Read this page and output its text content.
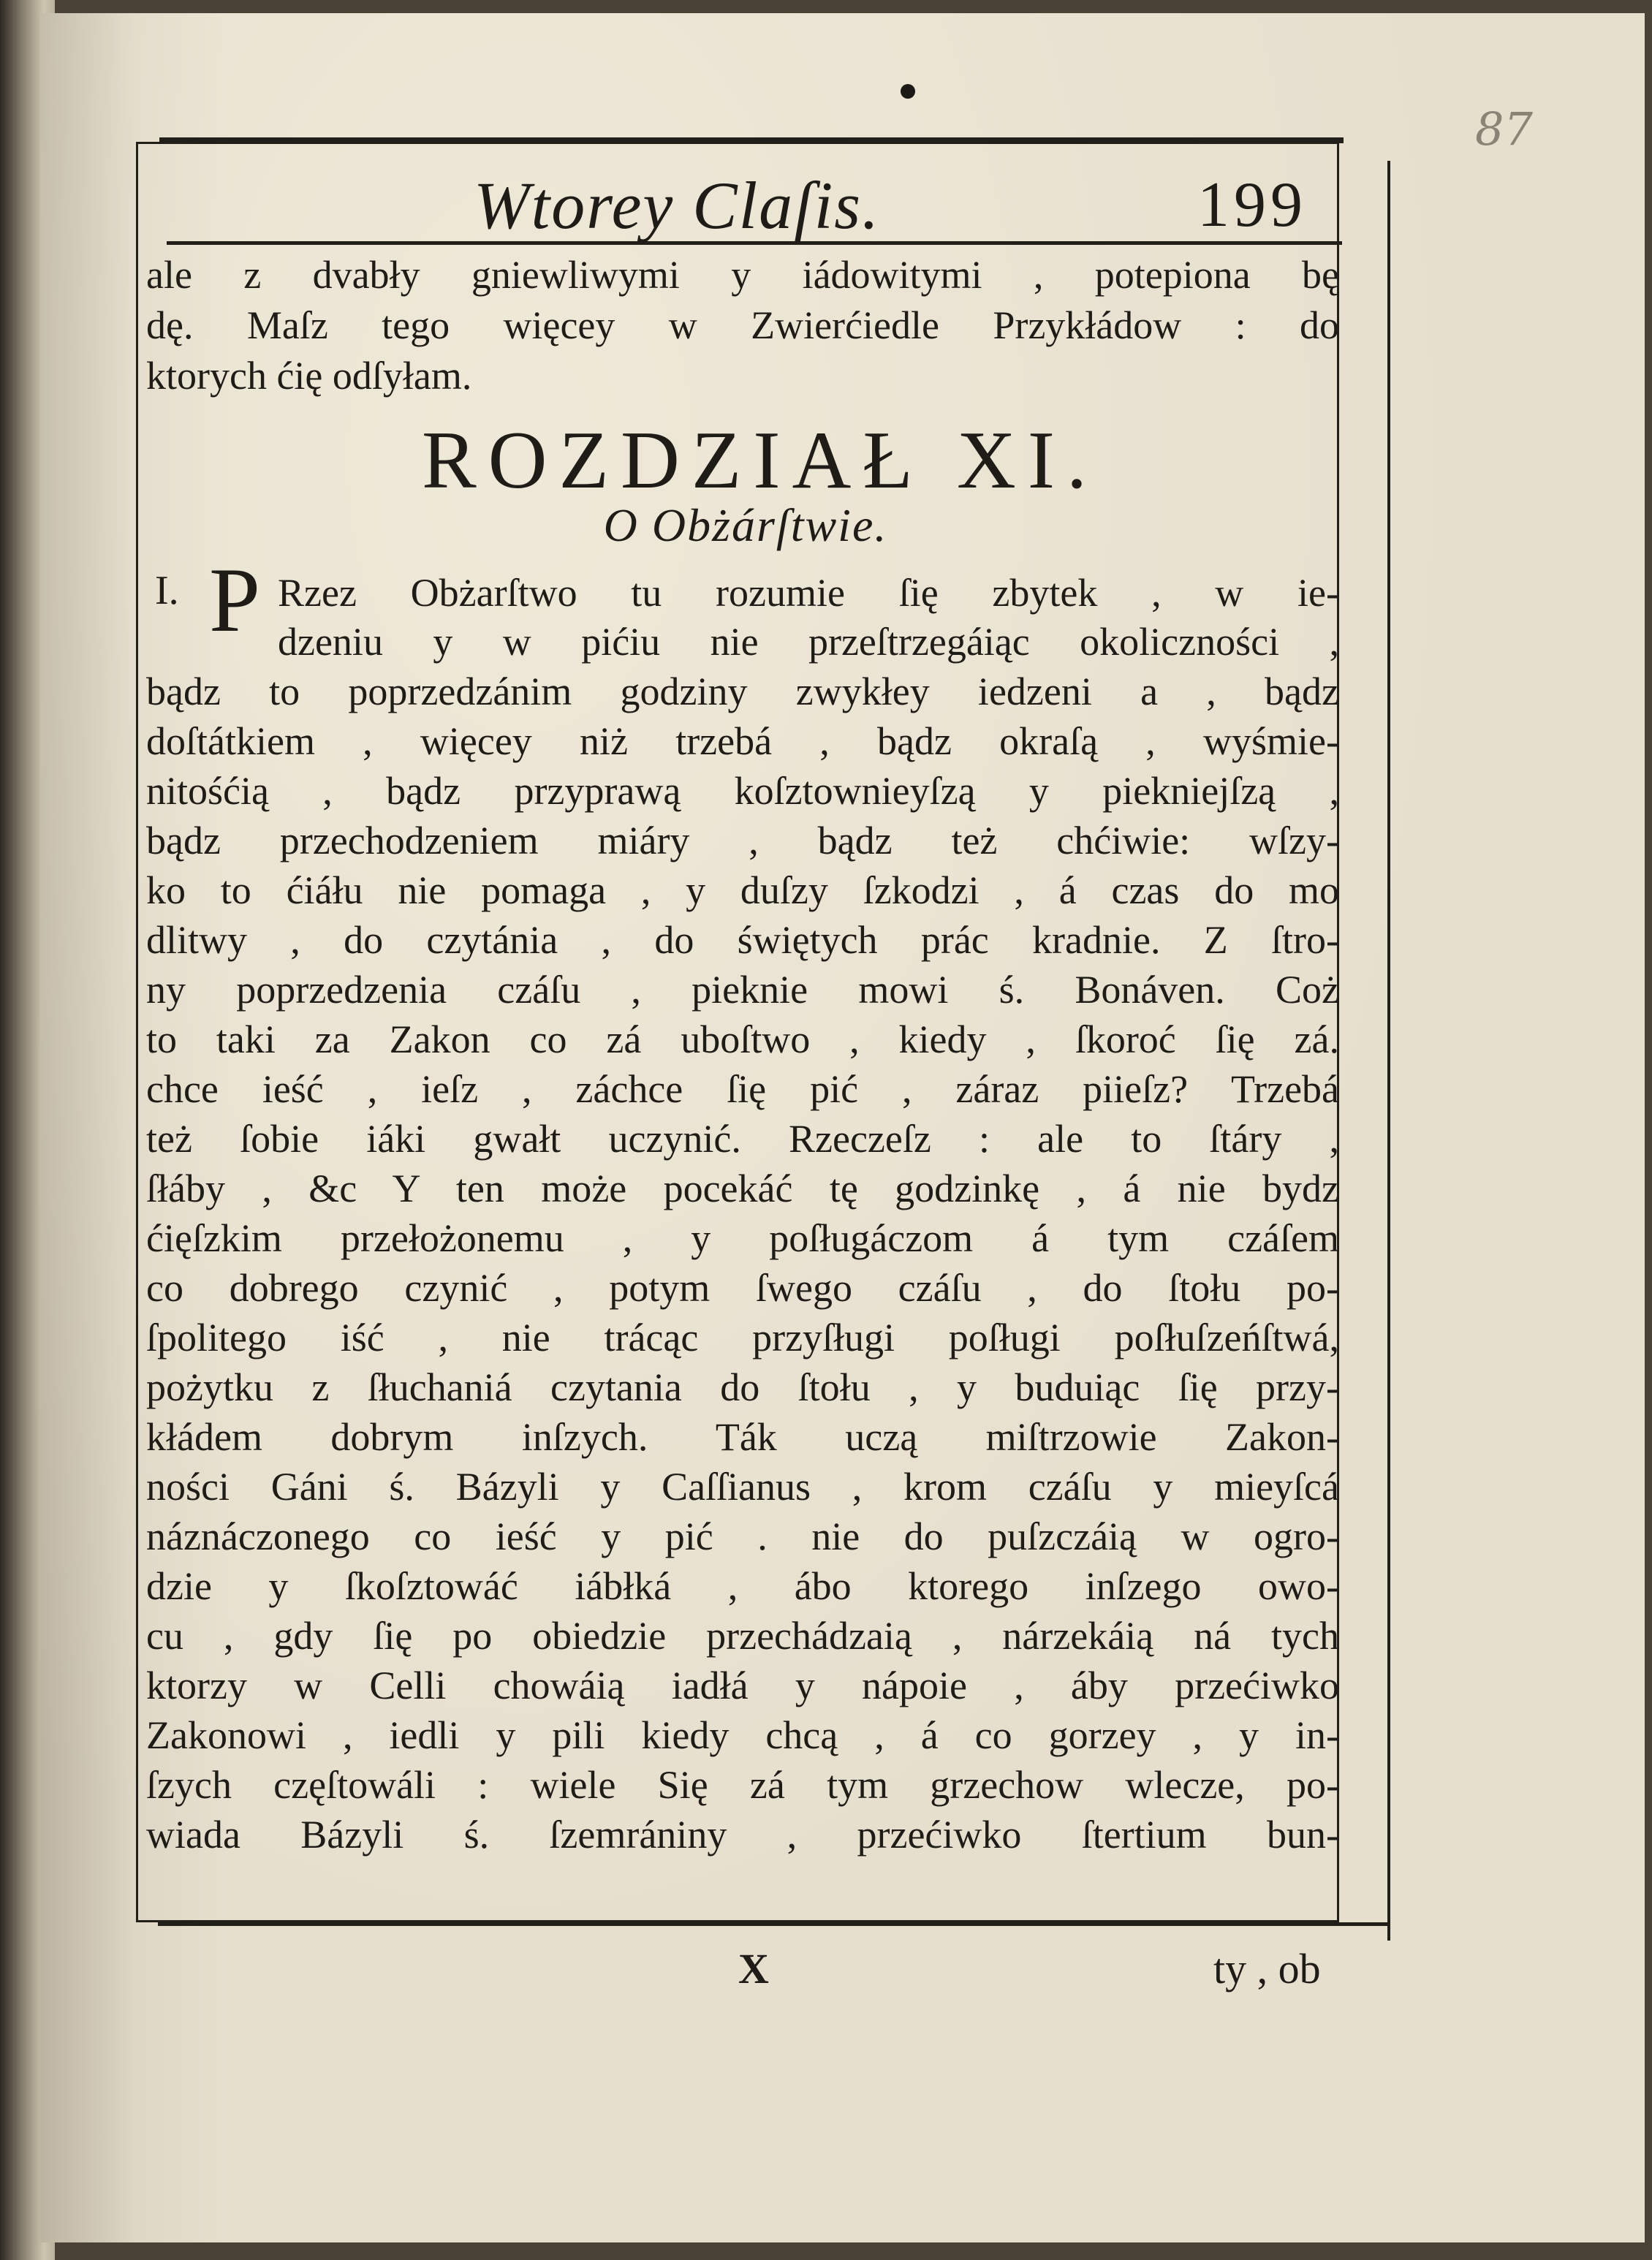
87
Wtorey Claſis.	199

ale z dvabły gniewliwymi y iádowitymi , potepiona bę

dę. Maſz tego więcey w Zwierćiedle Przykłádow : do

ktorych ćię odſyłam.

ROZDZIAŁ XI.
O Obżárſtwie.
I. P Rzez Obżarſtwo tu rozumie ſię zbytek , w ie-

dzeniu y w pićiu nie przeſtrzegáiąc okoliczności ,

bądz to poprzedzánim godziny zwykłey iedzeni a , bądz

doſtátkiem , więcey niż trzebá , bądz okraſą , wyśmie-

nitośćią , bądz przyprawą koſztownieyſzą y piekniejſzą ,

bądz przechodzeniem miáry , bądz też chćiwie: wſzy-

ko to ćiáłu nie pomaga , y duſzy ſzkodzi , á czas do mo

dlitwy , do czytánia , do świętych prác kradnie. Z ſtro-

ny poprzedzenia czáſu , pieknie mowi ś. Bonáven. Coż

to taki za Zakon co zá uboſtwo , kiedy , ſkoroć ſię zá.

chce ieść , ieſz , záchce ſię pić , záraz piieſz? Trzebá

też ſobie iáki gwałt uczynić. Rzeczeſz : ale to ſtáry ,

ſłáby , &c Y ten może pocekáć tę godzinkę , á nie bydz

ćięſzkim przełożonemu , y poſługáczom á tym czáſem

co dobrego czynić , potym ſwego czáſu , do ſtołu po-

ſpolitego iść , nie trácąc przyſługi poſługi poſłuſzeńſtwá,

pożytku z ſłuchaniá czytania do ſtołu , y buduiąc ſię przy-

kłádem dobrym inſzych. Ták uczą miſtrzowie Zakon-

ności Gáni ś. Bázyli y Caſſianus , krom czáſu y mieyſcá

náznáczonego co ieść y pić . nie do puſzczáią w ogro-

dzie y ſkoſztowáć iábłká , ábo ktorego inſzego owo-

cu , gdy ſię po obiedzie przechádzaią , nárzekáią ná tych

ktorzy w Celli chowáią iadłá y nápoie , áby przećiwko

Zakonowi , iedli y pili kiedy chcą , á co gorzey , y in-

ſzych częſtowáli : wiele Się zá tym grzechow wlecze, po-

wiada Bázyli ś. ſzemrániny , przećiwko ſtertium bun-

X	ty , ob
